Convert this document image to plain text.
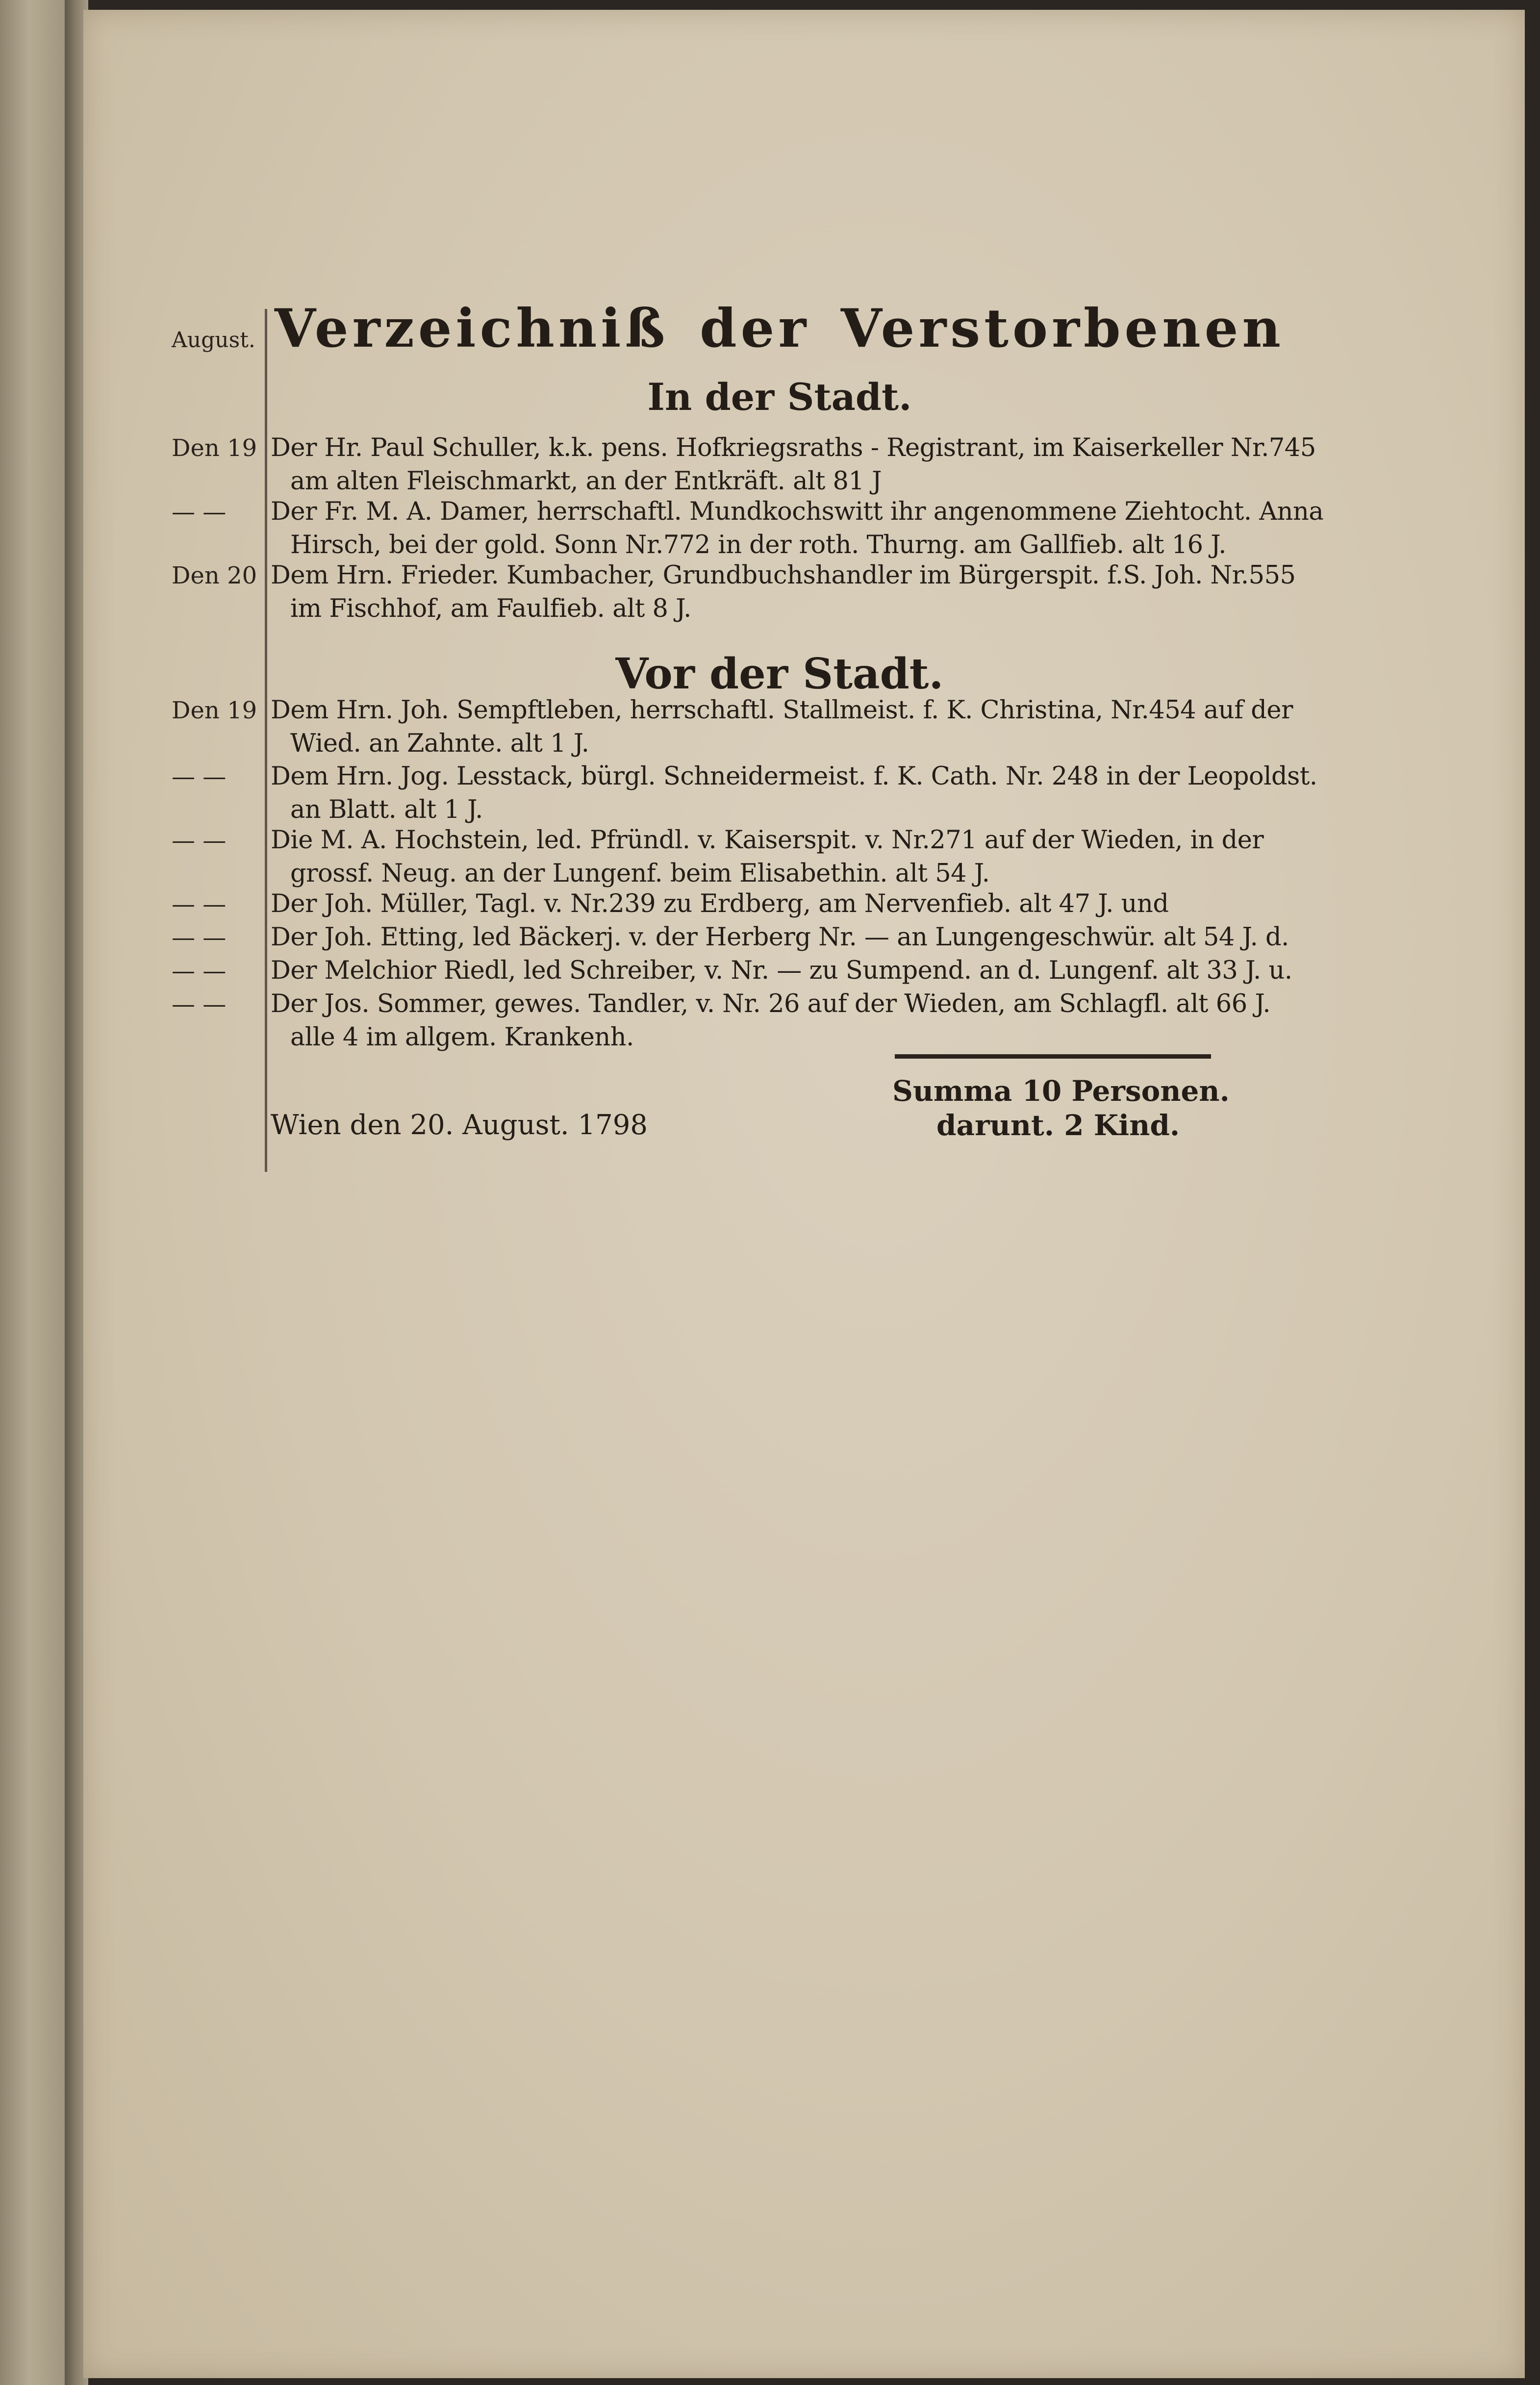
August.
Den 19
— —
Den 20
Den 19
— —
— —
— —
— —
— —
— —
Verzeichniß der Verstorbenen
In der Stadt.

Der Hr. Paul Schuller, k.k. pens. Hofkriegsraths - Registrant, im Kaiserkeller Nr.745
am alten Fleischmarkt, an der Entkräft. alt 81 J

Der Fr. M. A. Damer, herrschaftl. Mundkochswitt ihr angenommene Ziehtocht. Anna
Hirsch, bei der gold. Sonn Nr.772 in der roth. Thurng. am Gallfieb. alt 16 J.

Dem Hrn. Frieder. Kumbacher, Grundbuchshandler im Bürgerspit. f.S. Joh. Nr.555
im Fischhof, am Faulfieb. alt 8 J.

Vor der Stadt.

Dem Hrn. Joh. Sempftleben, herrschaftl. Stallmeist. f. K. Christina, Nr.454 auf der
Wied. an Zahnte. alt 1 J.

Dem Hrn. Jog. Lesstack, bürgl. Schneidermeist. f. K. Cath. Nr. 248 in der Leopoldst.
an Blatt. alt 1 J.

Die M. A. Hochstein, led. Pfründl. v. Kaiserspit. v. Nr.271 auf der Wieden, in der
grossf. Neug. an der Lungenf. beim Elisabethin. alt 54 J.

Der Joh. Müller, Tagl. v. Nr.239 zu Erdberg, am Nervenfieb. alt 47 J. und

Der Joh. Etting, led Bäckerj. v. der Herberg Nr. — an Lungengeschwür. alt 54 J. d.

Der Melchior Riedl, led Schreiber, v. Nr. — zu Sumpend. an d. Lungenf. alt 33 J. u.

Der Jos. Sommer, gewes. Tandler, v. Nr. 26 auf der Wieden, am Schlagfl. alt 66 J.
alle 4 im allgem. Krankenh.

Summa 10 Personen.
darunt. 2 Kind.
Wien den 20. August. 1798
